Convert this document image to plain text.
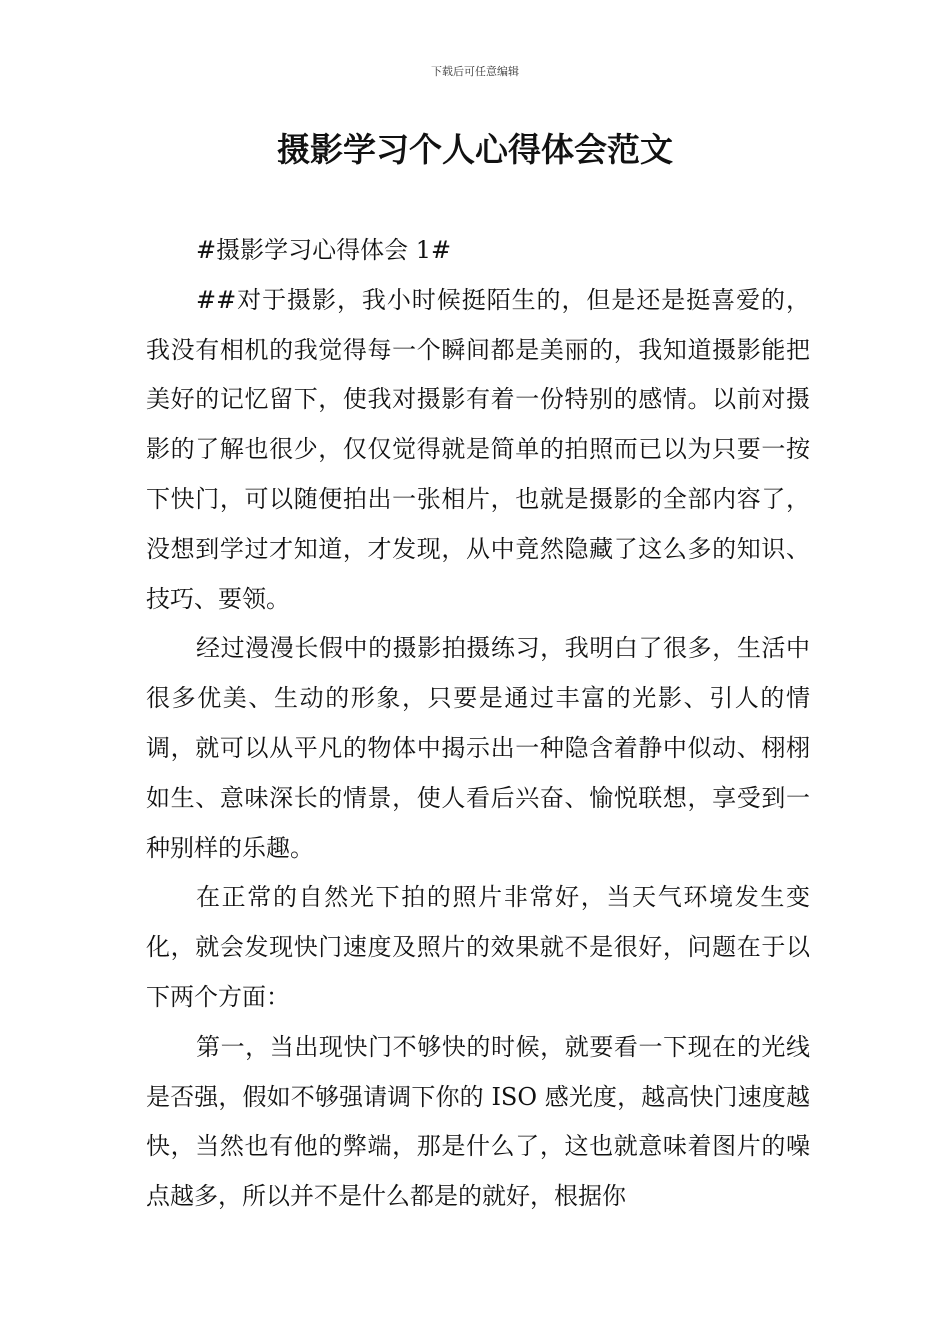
下载后可任意编辑
摄影学习个人心得体会范文

#摄影学习心得体会 1#

##对于摄影，我小时候挺陌生的，但是还是挺喜爱的，我没有相机的我觉得每一个瞬间都是美丽的，我知道摄影能把美好的记忆留下，使我对摄影有着一份特别的感情。以前对摄影的了解也很少，仅仅觉得就是简单的拍照而已以为只要一按下快门，可以随便拍出一张相片，也就是摄影的全部内容了，没想到学过才知道，才发现，从中竟然隐藏了这么多的知识、技巧、要领。

经过漫漫长假中的摄影拍摄练习，我明白了很多，生活中很多优美、生动的形象，只要是通过丰富的光影、引人的情调，就可以从平凡的物体中揭示出一种隐含着静中似动、栩栩如生、意味深长的情景，使人看后兴奋、愉悦联想，享受到一种别样的乐趣。

在正常的自然光下拍的照片非常好，当天气环境发生变化，就会发现快门速度及照片的效果就不是很好，问题在于以下两个方面：

第一，当出现快门不够快的时候，就要看一下现在的光线是否强，假如不够强请调下你的 ISO 感光度，越高快门速度越快，当然也有他的弊端，那是什么了，这也就意味着图片的噪点越多，所以并不是什么都是的就好，根据你
